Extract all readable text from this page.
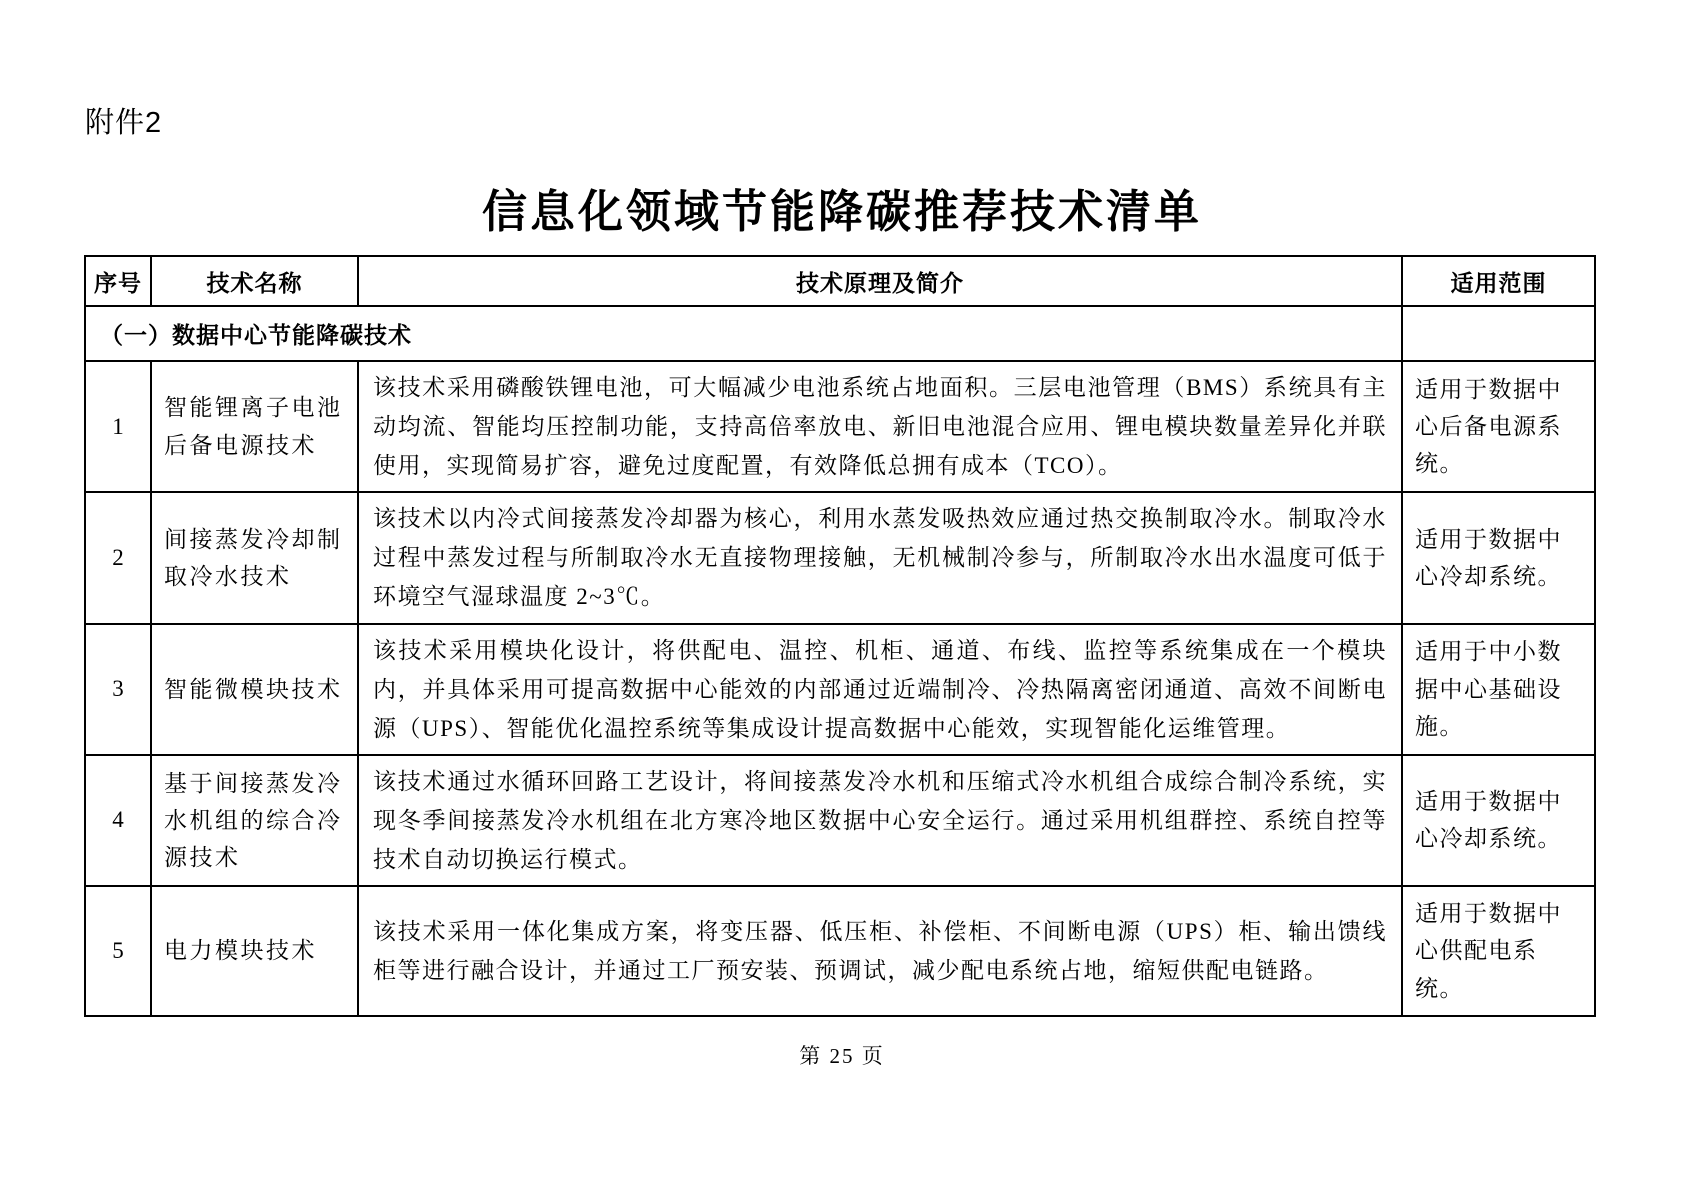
附件2
信息化领域节能降碳推荐技术清单
序号	技术名称	技术原理及简介	适用范围
（一）数据中心节能降碳技术			
1	智能锂离子电池后备电源技术	该技术采用磷酸铁锂电池，可大幅减少电池系统占地面积。三层电池管理（BMS）系统具有主动均流、智能均压控制功能，支持高倍率放电、新旧电池混合应用、锂电模块数量差异化并联使用，实现简易扩容，避免过度配置，有效降低总拥有成本（TCO）。	适用于数据中心后备电源系统。
2	间接蒸发冷却制取冷水技术	该技术以内冷式间接蒸发冷却器为核心，利用水蒸发吸热效应通过热交换制取冷水。制取冷水过程中蒸发过程与所制取冷水无直接物理接触，无机械制冷参与，所制取冷水出水温度可低于环境空气湿球温度 2~3℃。	适用于数据中心冷却系统。
3	智能微模块技术	该技术采用模块化设计，将供配电、温控、机柜、通道、布线、监控等系统集成在一个模块内，并具体采用可提高数据中心能效的内部通过近端制冷、冷热隔离密闭通道、高效不间断电源（UPS）、智能优化温控系统等集成设计提高数据中心能效，实现智能化运维管理。	适用于中小数据中心基础设施。
4	基于间接蒸发冷水机组的综合冷源技术	该技术通过水循环回路工艺设计，将间接蒸发冷水机和压缩式冷水机组合成综合制冷系统，实现冬季间接蒸发冷水机组在北方寒冷地区数据中心安全运行。通过采用机组群控、系统自控等技术自动切换运行模式。	适用于数据中心冷却系统。
5	电力模块技术	该技术采用一体化集成方案，将变压器、低压柜、补偿柜、不间断电源（UPS）柜、输出馈线柜等进行融合设计，并通过工厂预安装、预调试，减少配电系统占地，缩短供配电链路。	适用于数据中心供配电系统。
第 25 页
